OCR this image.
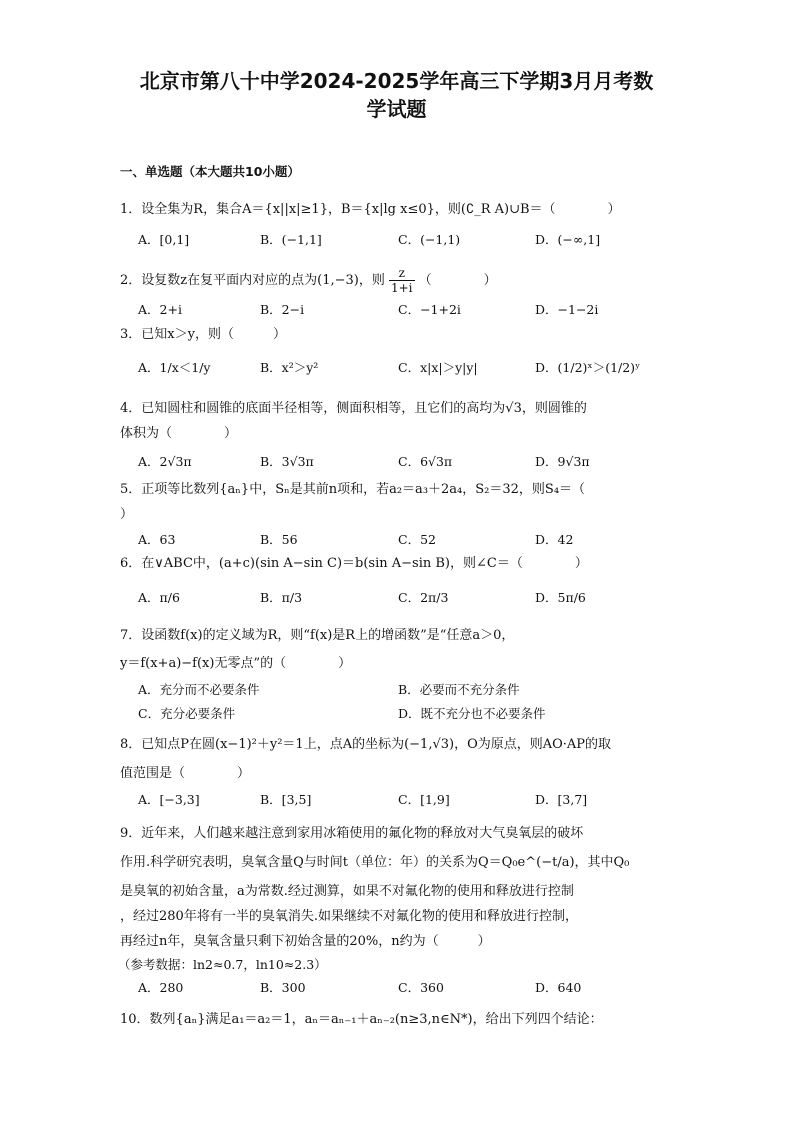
北京市第八十中学2024-2025学年高三下学期3月月考数
学试题
一、单选题（本大题共10小题）
1．设全集为R，集合A＝{x||x|≥1}，B＝{x|lg x≤0}，则(∁_R A)∪B＝（　　　　）
A．[0,1]	B．(−1,1]	C．(−1,1)	D．(−∞,1]
2．设复数z在复平面内对应的点为(1,−3)，则 $\frac{z}{1+i}$ （　　　　）
A．2+i	B．2−i	C．−1+2i	D．−1−2i
3．已知x＞y，则（　　　）
A．1/x＜1/y	B．x²＞y²	C．x|x|＞y|y|	D．(1/2)ˣ＞(1/2)ʸ
4．已知圆柱和圆锥的底面半径相等，侧面积相等，且它们的高均为√3，则圆锥的
体积为（　　　　）
A．2√3π	B．3√3π	C．6√3π	D．9√3π
5．正项等比数列{aₙ}中，Sₙ是其前n项和，若a₂＝a₃＋2a₄，S₂＝32，则S₄＝（
）
A．63	B．56	C．52	D．42
6．在∨ABC中，(a+c)(sin A−sin C)＝b(sin A−sin B)，则∠C＝（　　　　）
A．π/6	B．π/3	C．2π/3	D．5π/6
7．设函数f(x)的定义域为R，则“f(x)是R上的增函数”是“任意a＞0，
y＝f(x+a)−f(x)无零点”的（　　　　）
A．充分而不必要条件	B．必要而不充分条件
C．充分必要条件	D．既不充分也不必要条件
8．已知点P在圆(x−1)²＋y²＝1上，点A的坐标为(−1,√3)，O为原点，则AO·AP的取
值范围是（　　　　）
A．[−3,3]	B．[3,5]	C．[1,9]	D．[3,7]
9．近年来，人们越来越注意到家用冰箱使用的氟化物的释放对大气臭氧层的破坏
作用.科学研究表明，臭氧含量Q与时间t（单位：年）的关系为Q＝Q₀e^(−t/a)，其中Q₀
是臭氧的初始含量，a为常数.经过测算，如果不对氟化物的使用和释放进行控制
，经过280年将有一半的臭氧消失.如果继续不对氟化物的使用和释放进行控制，
再经过n年，臭氧含量只剩下初始含量的20%，n约为（　　　）
（参考数据：ln2≈0.7，ln10≈2.3）
A．280	B．300	C．360	D．640
10．数列{aₙ}满足a₁＝a₂＝1，aₙ＝aₙ₋₁＋aₙ₋₂(n≥3,n∈N*)，给出下列四个结论：
